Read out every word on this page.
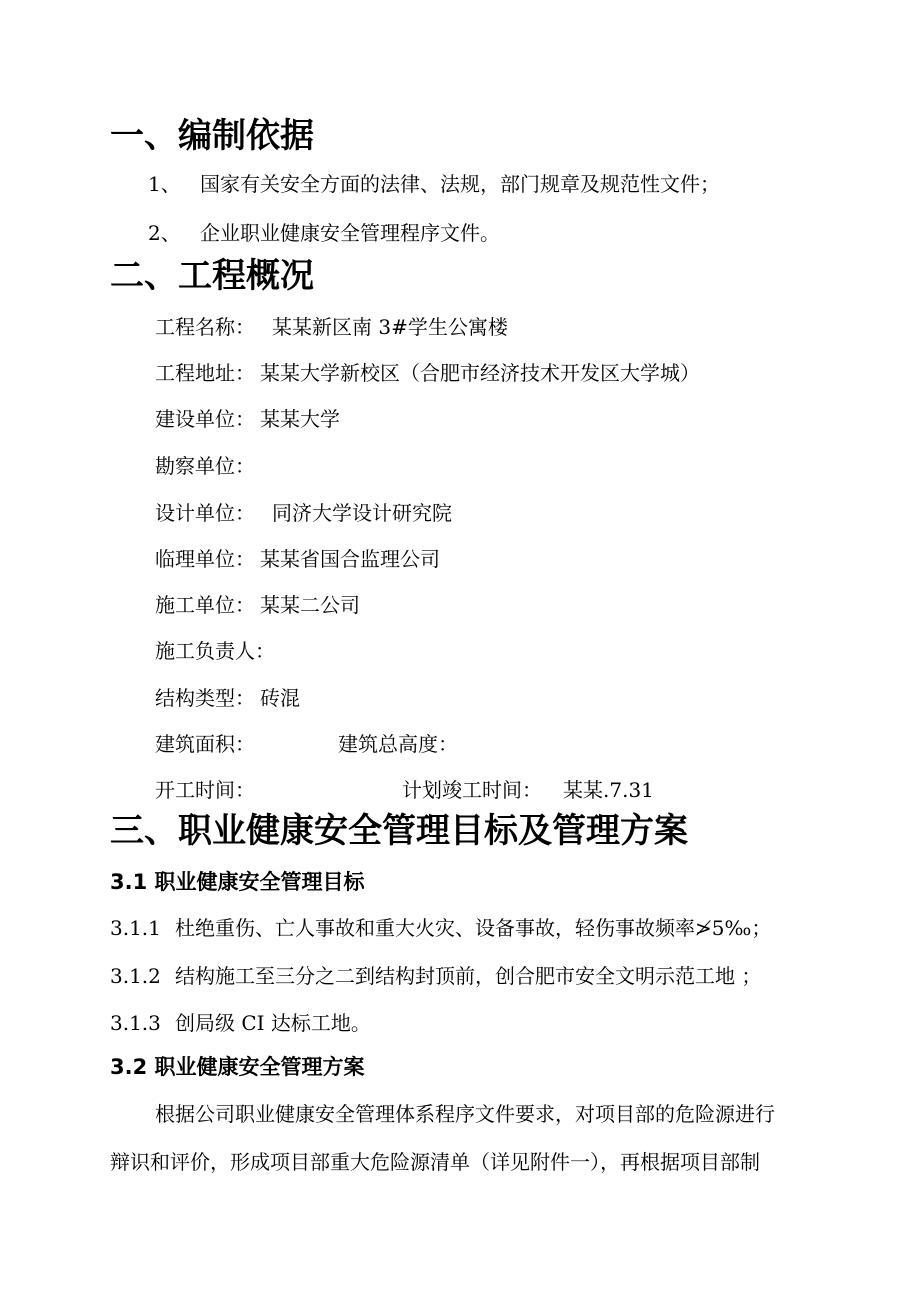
一、编制依据
1、 国家有关安全方面的法律、法规，部门规章及规范性文件；
2、 企业职业健康安全管理程序文件。
二、工程概况
工程名称： 某某新区南 3#学生公寓楼
工程地址： 某某大学新校区（合肥市经济技术开发区大学城）
建设单位： 某某大学
勘察单位：
设计单位： 同济大学设计研究院
临理单位： 某某省国合监理公司
施工单位： 某某二公司
施工负责人：
结构类型： 砖混
建筑面积：	建筑总高度：
开工时间：	计划竣工时间： 某某.7.31
三、职业健康安全管理目标及管理方案
3.1 职业健康安全管理目标
3.1.1 杜绝重伤、亡人事故和重大火灾、设备事故，轻伤事故频率≯5‰；
3.1.2 结构施工至三分之二到结构封顶前，创合肥市安全文明示范工地 ；
3.1.3 创局级 CI 达标工地。
3.2 职业健康安全管理方案
根据公司职业健康安全管理体系程序文件要求，对项目部的危险源进行
辩识和评价，形成项目部重大危险源清单（详见附件一），再根据项目部制
